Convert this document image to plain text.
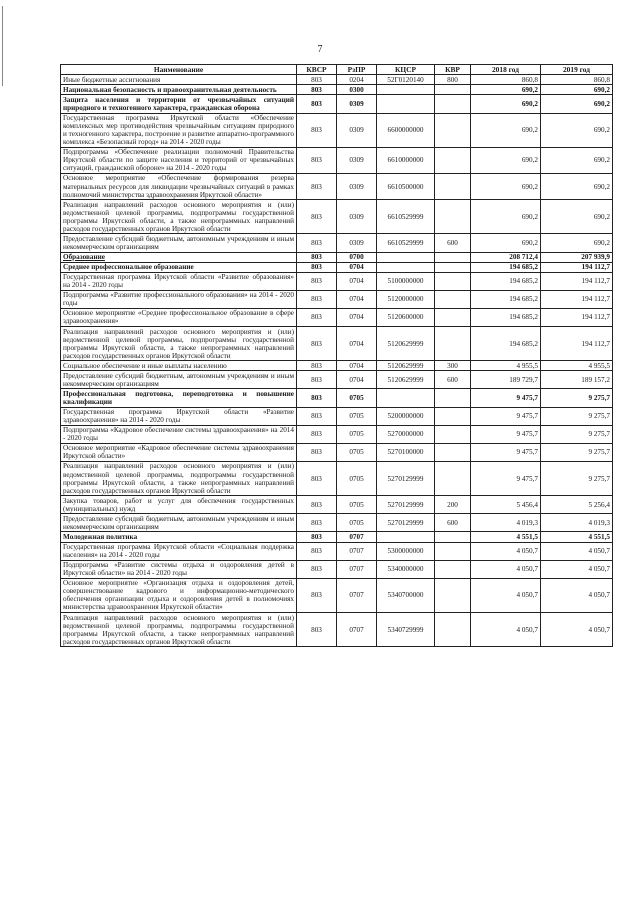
7
Наименование	КВСР	РзПР	КЦСР	КВР	2018 год	2019 год
Иные бюджетные ассигнования	803	0204	52Г0120140	800	860,8	860,8
Национальная безопасность и правоохранительная деятельность	803	0300			690,2	690,2
Защита населения и территории от чрезвычайных ситуаций природного и техногенного характера, гражданская оборона	803	0309			690,2	690,2
Государственная программа Иркутской области «Обеспечение комплексных мер противодействия чрезвычайным ситуациям природного и техногенного характера, построение и развитие аппаратно-программного комплекса «Безопасный город» на 2014 - 2020 годы	803	0309	6600000000		690,2	690,2
Подпрограмма «Обеспечение реализации полномочий Правительства Иркутской области по защите населения и территорий от чрезвычайных ситуаций, гражданской обороне» на 2014 - 2020 годы	803	0309	6610000000		690,2	690,2
Основное мероприятие «Обеспечение формирования резерва материальных ресурсов для ликвидации чрезвычайных ситуаций в рамках полномочий министерства здравоохранения Иркутской области»	803	0309	6610500000		690,2	690,2
Реализация направлений расходов основного мероприятия и (или) ведомственной целевой программы, подпрограммы государственной программы Иркутской области, а также непрограммных направлений расходов государственных органов Иркутской области	803	0309	6610529999		690,2	690,2
Предоставление субсидий бюджетным, автономным учреждениям и иным некоммерческим организациям	803	0309	6610529999	600	690,2	690,2
Образование	803	0700			208 712,4	207 939,9
Среднее профессиональное образование	803	0704			194 685,2	194 112,7
Государственная программа Иркутской области «Развитие образования» на 2014 - 2020 годы	803	0704	5100000000		194 685,2	194 112,7
Подпрограмма «Развитие профессионального образования» на 2014 - 2020 годы	803	0704	5120000000		194 685,2	194 112,7
Основное мероприятие «Среднее профессиональное образование в сфере здравоохранения»	803	0704	5120600000		194 685,2	194 112,7
Реализация направлений расходов основного мероприятия и (или) ведомственной целевой программы, подпрограммы государственной программы Иркутской области, а также непрограммных направлений расходов государственных органов Иркутской области	803	0704	5120629999		194 685,2	194 112,7
Социальное обеспечение и иные выплаты населению	803	0704	5120629999	300	4 955,5	4 955,5
Предоставление субсидий бюджетным, автономным учреждениям и иным некоммерческим организациям	803	0704	5120629999	600	189 729,7	189 157,2
Профессиональная подготовка, переподготовка и повышение квалификации	803	0705			9 475,7	9 275,7
Государственная программа Иркутской области «Развитие здравоохранения» на 2014 - 2020 годы	803	0705	5200000000		9 475,7	9 275,7
Подпрограмма «Кадровое обеспечение системы здравоохранения» на 2014 - 2020 годы	803	0705	5270000000		9 475,7	9 275,7
Основное мероприятие «Кадровое обеспечение системы здравоохранения Иркутской области»	803	0705	5270100000		9 475,7	9 275,7
Реализация направлений расходов основного мероприятия и (или) ведомственной целевой программы, подпрограммы государственной программы Иркутской области, а также непрограммных направлений расходов государственных органов Иркутской области	803	0705	5270129999		9 475,7	9 275,7
Закупка товаров, работ и услуг для обеспечения государственных (муниципальных) нужд	803	0705	5270129999	200	5 456,4	5 256,4
Предоставление субсидий бюджетным, автономным учреждениям и иным некоммерческим организациям	803	0705	5270129999	600	4 019,3	4 019,3
Молодежная политика	803	0707			4 551,5	4 551,5
Государственная программа Иркутской области «Социальная поддержка населения» на 2014 - 2020 годы	803	0707	5300000000		4 050,7	4 050,7
Подпрограмма «Развитие системы отдыха и оздоровления детей в Иркутской области» на 2014 - 2020 годы	803	0707	5340000000		4 050,7	4 050,7
Основное мероприятие «Организация отдыха и оздоровления детей, совершенствование кадрового и информационно-методического обеспечения организации отдыха и оздоровления детей в полномочиях министерства здравоохранения Иркутской области»	803	0707	5340700000		4 050,7	4 050,7
Реализация направлений расходов основного мероприятия и (или) ведомственной целевой программы, подпрограммы государственной программы Иркутской области, а также непрограммных направлений расходов государственных органов Иркутской области	803	0707	5340729999		4 050,7	4 050,7
